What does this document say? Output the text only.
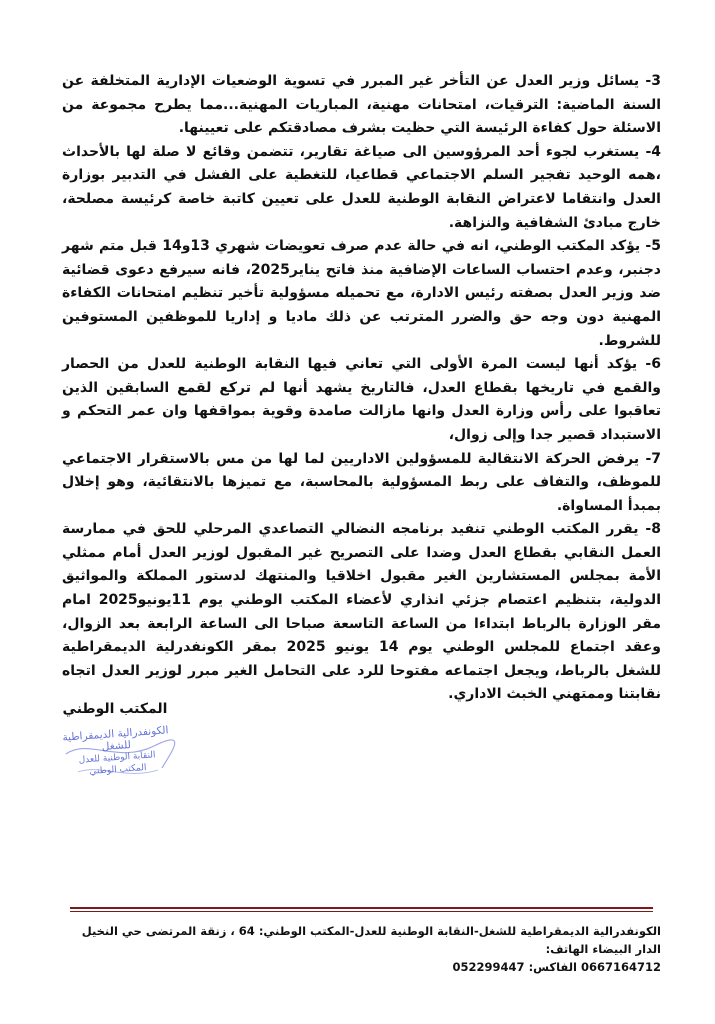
3- يسائل وزير العدل عن التأخر غير المبرر في تسوية الوضعيات الإدارية المتخلفة عن السنة الماضية: الترقيات، امتحانات مهنية، المباريات المهنية...مما يطرح مجموعة من الاسئلة حول كفاءة الرئيسة التي حظيت بشرف مصادقتكم على تعيينها.

4- يستغرب لجوء أحد المرؤوسين الى صياغة تقارير، تتضمن وقائع لا صلة لها بالأحداث ،همه الوحيد تفجير السلم الاجتماعي قطاعيا، للتغطية على الفشل في التدبير بوزارة العدل وانتقاما لاعتراض النقابة الوطنية للعدل على تعيين كاتبة خاصة كرئيسة مصلحة، خارج مبادئ الشفافية والنزاهة.

5- يؤكد المكتب الوطني، انه في حالة عدم صرف تعويضات شهري 13و14 قبل متم شهر دجنبر، وعدم احتساب الساعات الإضافية منذ فاتح يناير2025، فانه سيرفع دعوى قضائية ضد وزير العدل بصفته رئيس الادارة، مع تحميله مسؤولية تأخير تنظيم امتحانات الكفاءة المهنية دون وجه حق والضرر المترتب عن ذلك ماديا و إداريا للموظفين المستوفين للشروط.

6- يؤكد أنها ليست المرة الأولى التي تعاني فيها النقابة الوطنية للعدل من الحصار والقمع في تاريخها بقطاع العدل، فالتاريخ يشهد أنها لم تركع لقمع السابقين الذين تعاقبوا على رأس وزارة العدل وانها مازالت صامدة وقوية بمواقفها وان عمر التحكم و الاستبداد قصير جدا وإلى زوال،

7- يرفض الحركة الانتقالية للمسؤولين الاداريين لما لها من مس بالاستقرار الاجتماعي للموظف، والتفاف على ربط المسؤولية بالمحاسبة، مع تميزها بالانتقائية، وهو إخلال بمبدأ المساواة.

8- يقرر المكتب الوطني تنفيد برنامجه النضالي التصاعدي المرحلي للحق في ممارسة العمل النقابي بقطاع العدل وضدا على التصريح غير المقبول لوزير العدل أمام ممثلي الأمة بمجلس المستشارين الغير مقبول اخلاقيا والمنتهك لدستور المملكة والمواثيق الدولية، بتنظيم اعتصام جزئي انذاري لأعضاء المكتب الوطني يوم 11يونيو2025 امام مقر الوزارة بالرباط ابتداءا من الساعة التاسعة صباحا الى الساعة الرابعة بعد الزوال، وعقد اجتماع للمجلس الوطني يوم 14 يونيو 2025 بمقر الكونفدرلية الديمقراطية للشغل بالرباط، ويجعل اجتماعه مفتوحا للرد على التحامل الغير مبرر لوزير العدل اتجاه نقابتنا وممتهني الخبث الاداري.

المكتب الوطني
الكونفدرالية الديمقراطية للشغل
النقابة الوطنية للعدل
المكتب الوطني
الكونفدرالية الديمقراطية للشغل-النقابة الوطنية للعدل-المكتب الوطني: 64 ، زنقة المرتضى حي النخيل الدار البيضاء الهاتف:
0667164712 الفاكس: 052299447
